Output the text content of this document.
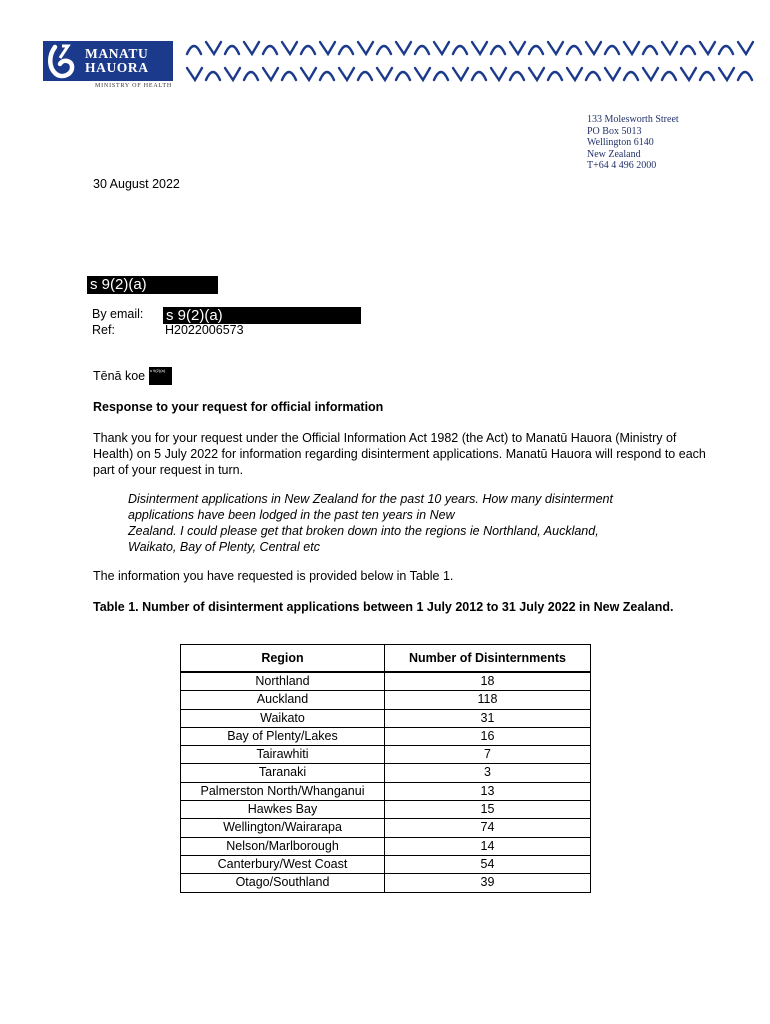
MANATU
HAUORA
MINISTRY OF HEALTH
133 Molesworth Street
PO Box 5013
Wellington 6140
New Zealand
T+64 4 496 2000
30 August 2022
s 9(2)(a)
By email: s 9(2)(a)
Ref:	H2022006573
Tēnā koe s 9(2)(a)
Response to your request for official information
Thank you for your request under the Official Information Act 1982 (the Act) to Manatū Hauora (Ministry of Health) on 5 July 2022 for information regarding disinterment applications. Manatū Hauora will respond to each part of your request in turn.
Disinterment applications in New Zealand for the past 10 years. How many disinterment
applications have been lodged in the past ten years in New
Zealand. I could please get that broken down into the regions ie Northland, Auckland,
Waikato, Bay of Plenty, Central etc
The information you have requested is provided below in Table 1.
Table 1. Number of disinterment applications between 1 July 2012 to 31 July 2022 in New Zealand.
Region	Number of Disinternments
Northland	18
Auckland	118
Waikato	31
Bay of Plenty/Lakes	16
Tairawhiti	7
Taranaki	3
Palmerston North/Whanganui	13
Hawkes Bay	15
Wellington/Wairarapa	74
Nelson/Marlborough	14
Canterbury/West Coast	54
Otago/Southland	39
